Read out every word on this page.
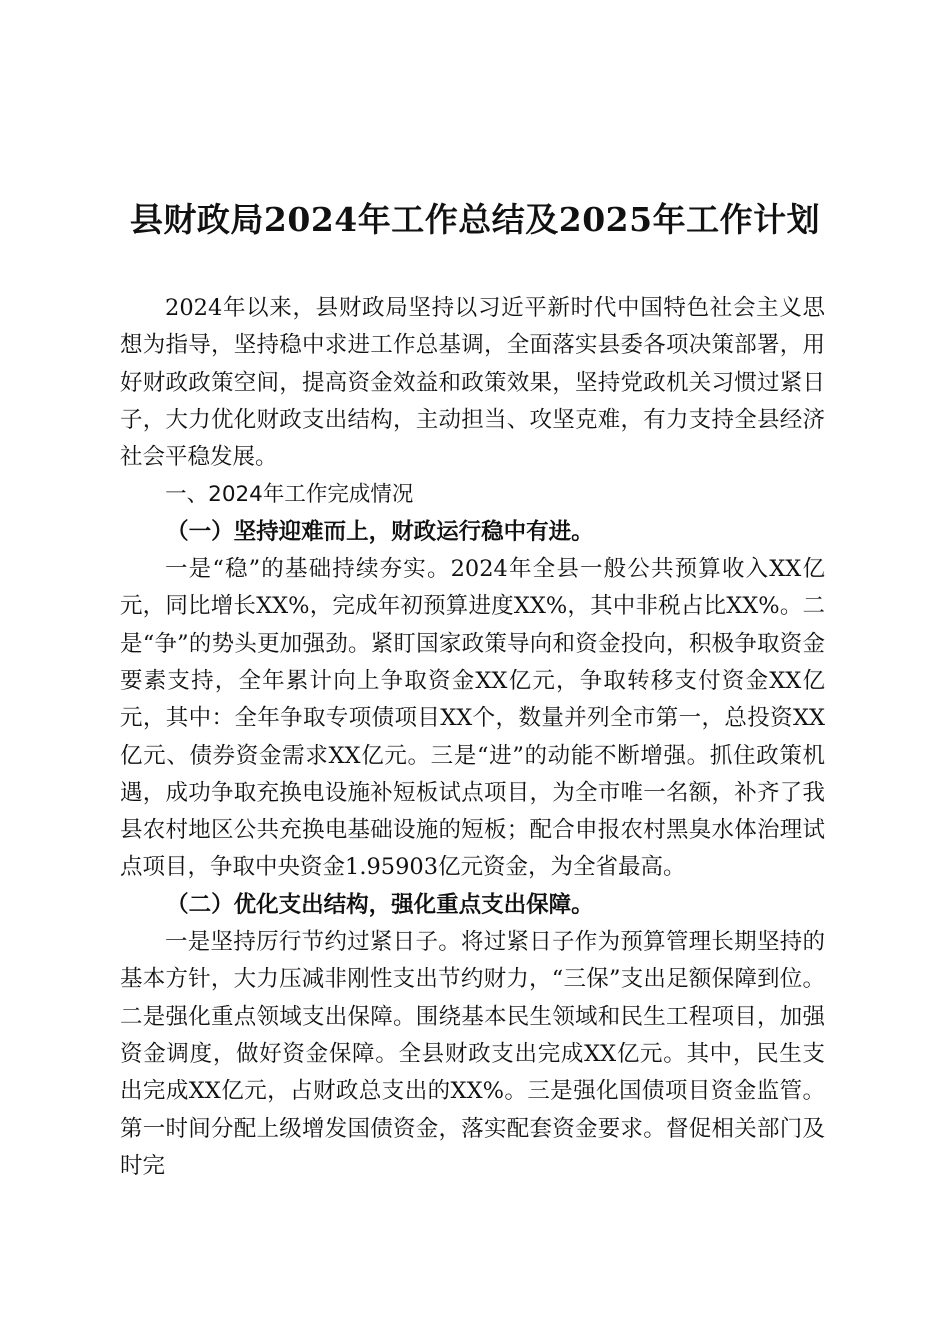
县财政局2024年工作总结及2025年工作计划

2024年以来，县财政局坚持以习近平新时代中国特色社会主义思想为指导，坚持稳中求进工作总基调，全面落实县委各项决策部署，用好财政政策空间，提高资金效益和政策效果，坚持党政机关习惯过紧日子，大力优化财政支出结构，主动担当、攻坚克难，有力支持全县经济社会平稳发展。

一、2024年工作完成情况

（一）坚持迎难而上，财政运行稳中有进。

一是“稳”的基础持续夯实。2024年全县一般公共预算收入XX亿元，同比增长XX%，完成年初预算进度XX%，其中非税占比XX%。二是“争”的势头更加强劲。紧盯国家政策导向和资金投向，积极争取资金要素支持，全年累计向上争取资金XX亿元，争取转移支付资金XX亿元，其中：全年争取专项债项目XX个，数量并列全市第一，总投资XX亿元、债券资金需求XX亿元。三是“进”的动能不断增强。抓住政策机遇，成功争取充换电设施补短板试点项目，为全市唯一名额，补齐了我县农村地区公共充换电基础设施的短板；配合申报农村黑臭水体治理试点项目，争取中央资金1.95903亿元资金，为全省最高。

（二）优化支出结构，强化重点支出保障。

一是坚持厉行节约过紧日子。将过紧日子作为预算管理长期坚持的基本方针，大力压减非刚性支出节约财力，“三保”支出足额保障到位。二是强化重点领域支出保障。围绕基本民生领域和民生工程项目，加强资金调度，做好资金保障。全县财政支出完成XX亿元。其中，民生支出完成XX亿元，占财政总支出的XX%。三是强化国债项目资金监管。第一时间分配上级增发国债资金，落实配套资金要求。督促相关部门及时完
